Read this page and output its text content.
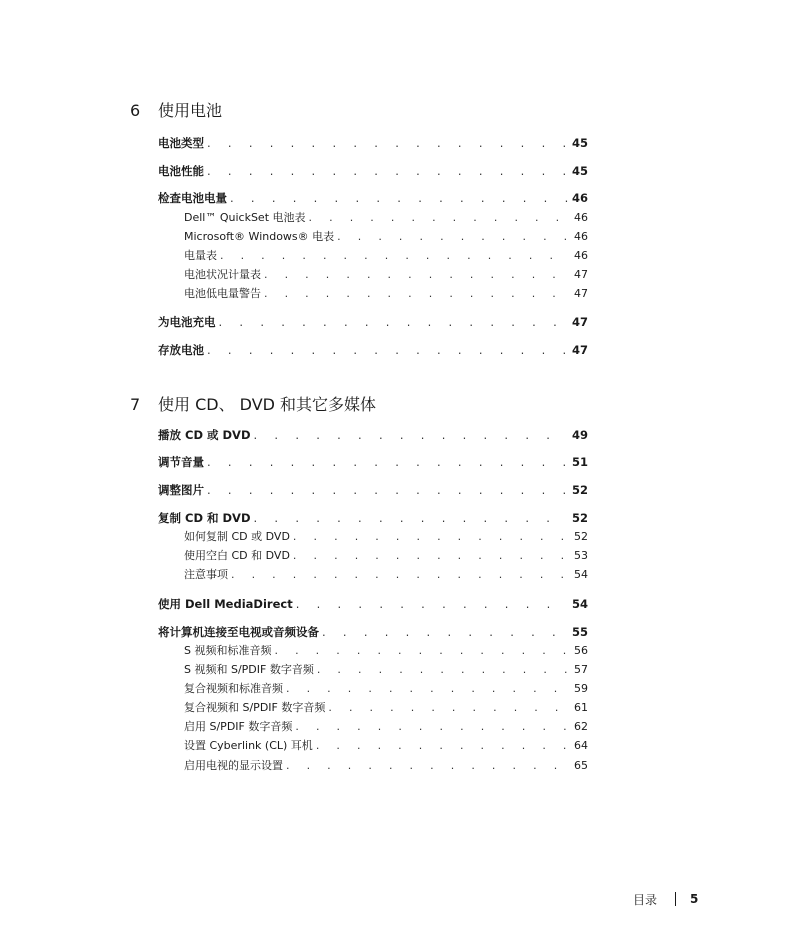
6 使用电池
电池类型 . . .	45
电池性能 . . .	45
检查电池电量 . . .	46
Dell™ QuickSet 电池表 . . .	46
Microsoft® Windows® 电表 . . .	46
电量表 . . .	46
电池状况计量表 . . .	47
电池低电量警告 . . .	47
为电池充电 . . .	47
存放电池 . . .	47
7 使用 CD、 DVD 和其它多媒体
播放 CD 或 DVD . . .	49
调节音量 . . .	51
调整图片 . . .	52
复制 CD 和 DVD . . .	52
如何复制 CD 或 DVD . . .	52
使用空白 CD 和 DVD . . .	53
注意事项 . . .	54
使用 Dell MediaDirect . . .	54
将计算机连接至电视或音频设备 . . .	55
S 视频和标准音频 . . .	56
S 视频和 S/PDIF 数字音频 . . .	57
复合视频和标准音频 . . .	59
复合视频和 S/PDIF 数字音频 . . .	61
启用 S/PDIF 数字音频 . . .	62
设置 Cyberlink (CL) 耳机 . . .	64
启用电视的显示设置 . . .	65
目录	5
